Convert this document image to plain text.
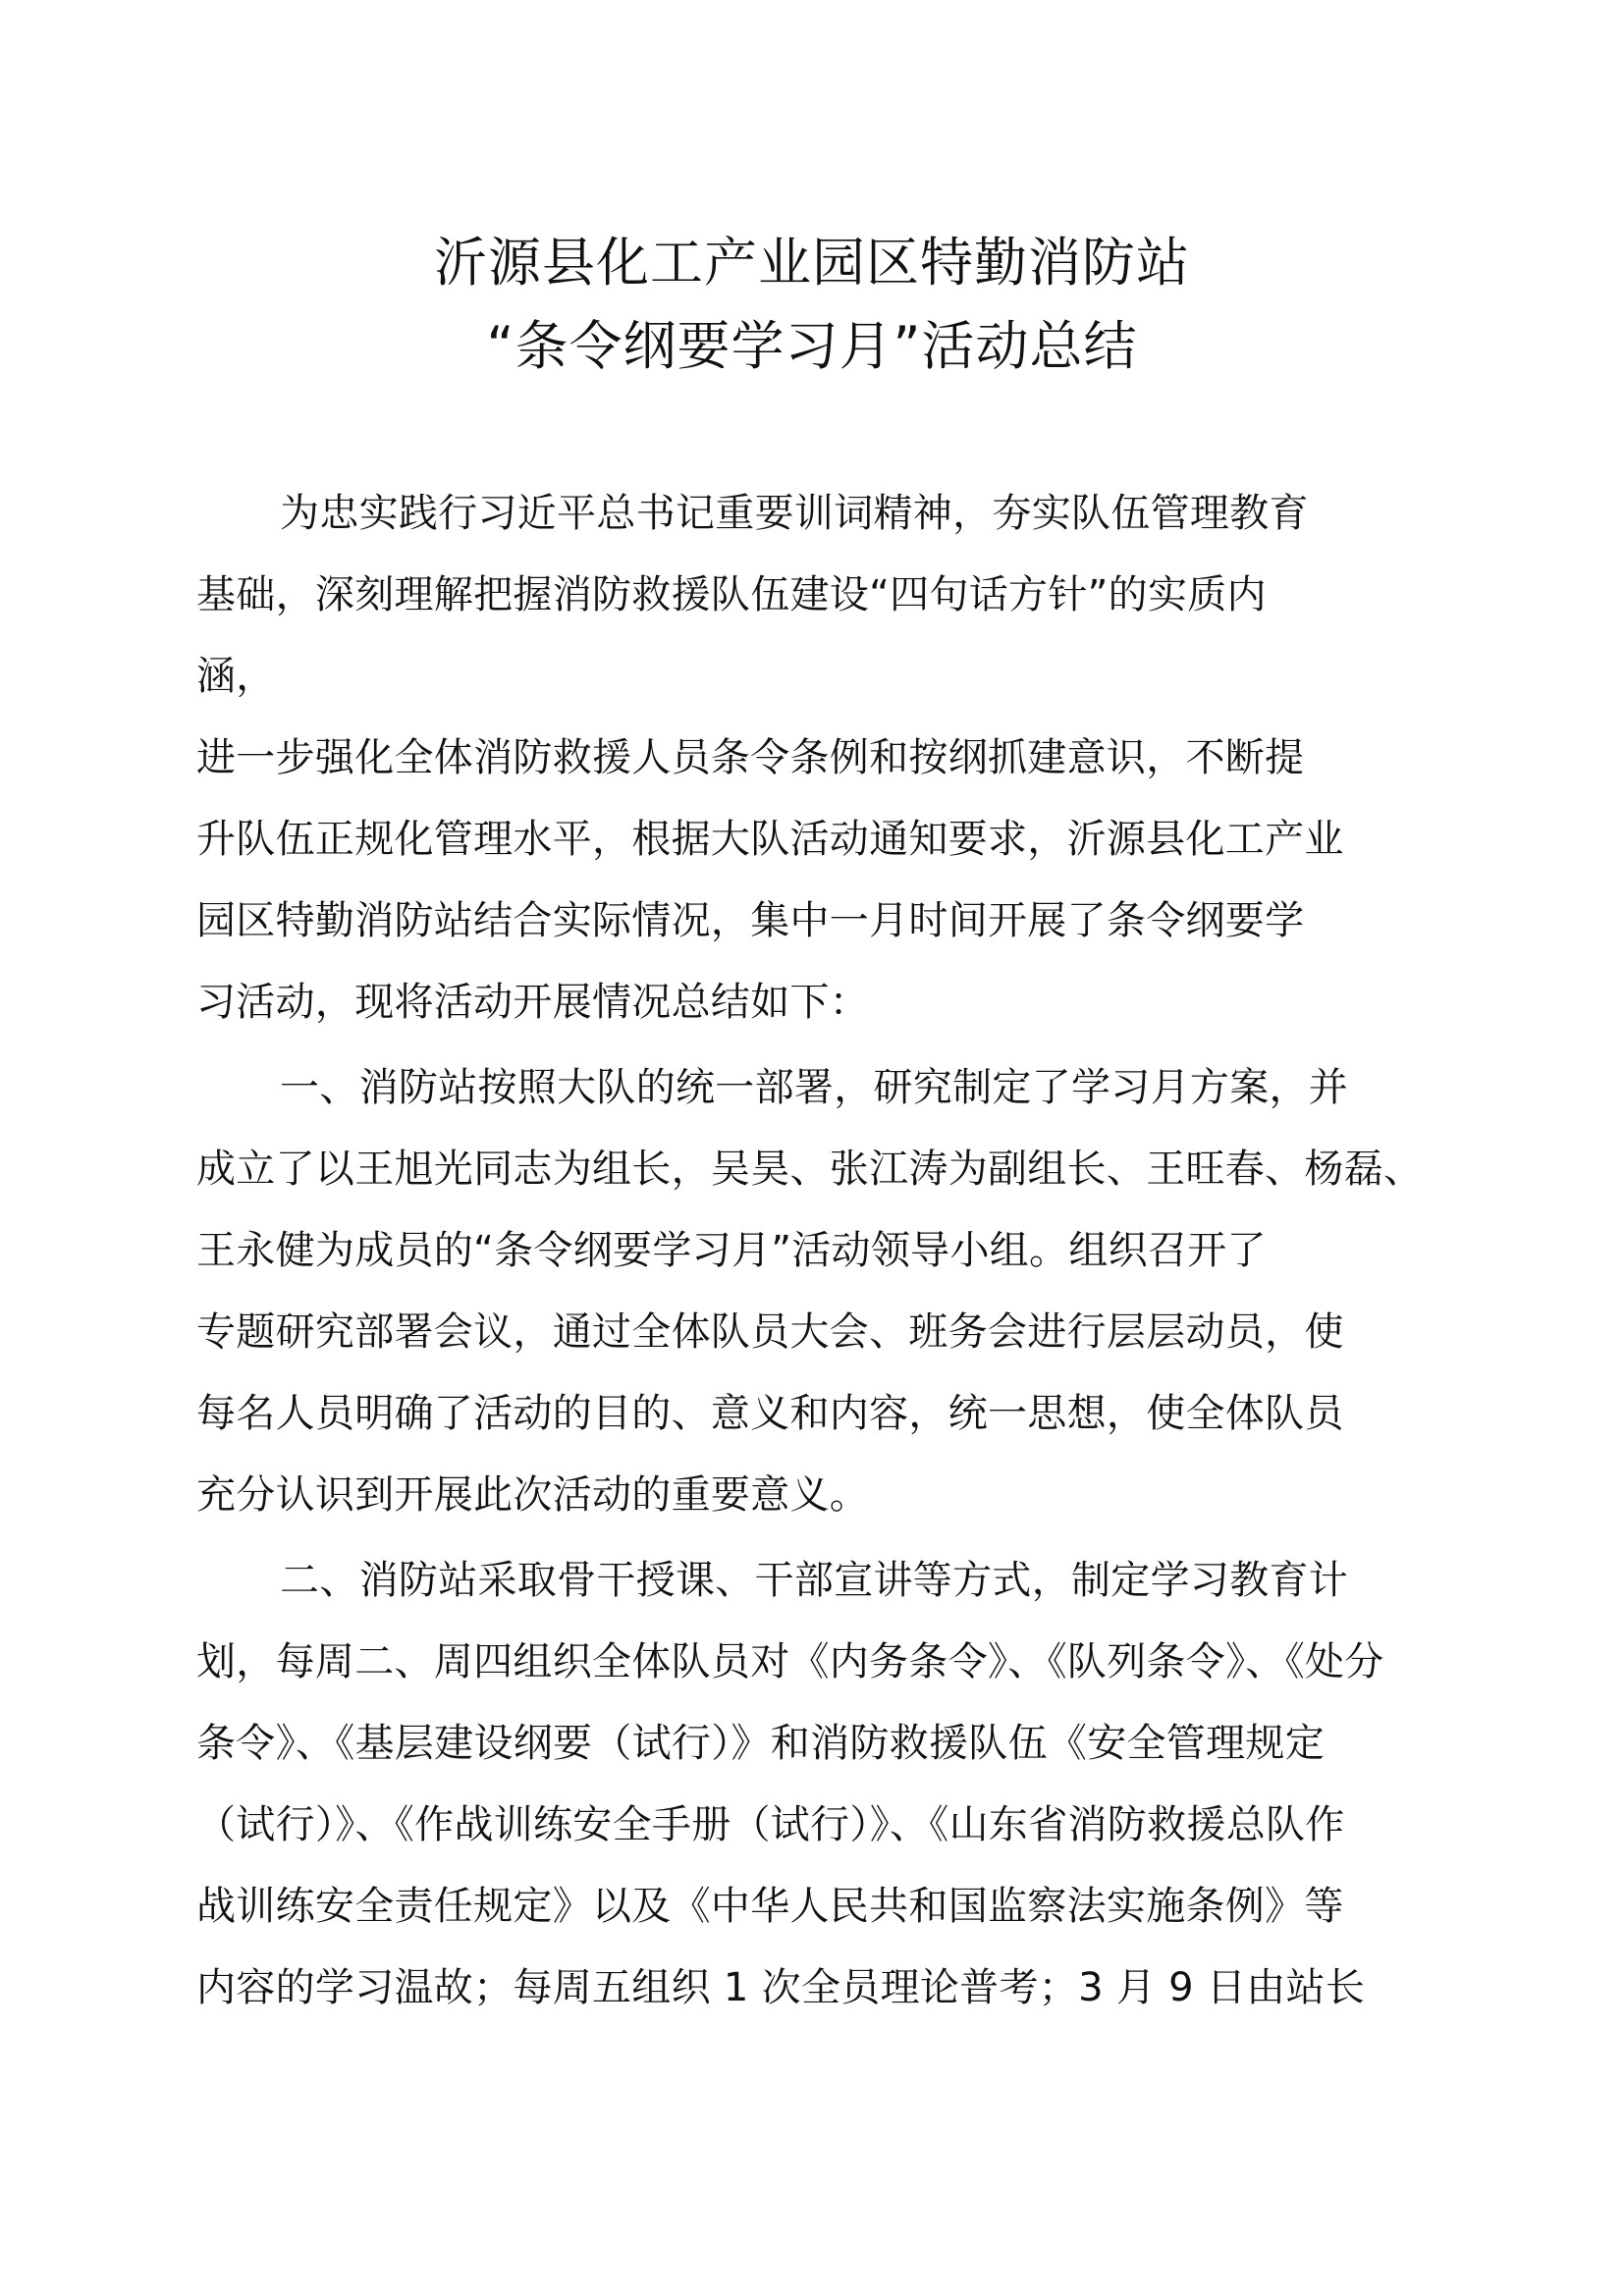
沂源县化工产业园区特勤消防站
“条令纲要学习月”活动总结
为忠实践行习近平总书记重要训词精神，夯实队伍管理教育
基础，深刻理解把握消防救援队伍建设“四句话方针”的实质内
涵，
进一步强化全体消防救援人员条令条例和按纲抓建意识，不断提
升队伍正规化管理水平，根据大队活动通知要求，沂源县化工产业
园区特勤消防站结合实际情况，集中一月时间开展了条令纲要学
习活动，现将活动开展情况总结如下：
一、消防站按照大队的统一部署，研究制定了学习月方案，并
成立了以王旭光同志为组长，吴昊、张江涛为副组长、王旺春、杨磊、
王永健为成员的“条令纲要学习月”活动领导小组。组织召开了
专题研究部署会议，通过全体队员大会、班务会进行层层动员，使
每名人员明确了活动的目的、意义和内容，统一思想，使全体队员
充分认识到开展此次活动的重要意义。
二、消防站采取骨干授课、干部宣讲等方式，制定学习教育计
划，每周二、周四组织全体队员对《内务条令》、《队列条令》、《处分
条令》、《基层建设纲要（试行）》和消防救援队伍《安全管理规定
（试行）》、《作战训练安全手册（试行）》、《山东省消防救援总队作
战训练安全责任规定》以及《中华人民共和国监察法实施条例》等
内容的学习温故；每周五组织 1 次全员理论普考；3 月 9 日由站长
